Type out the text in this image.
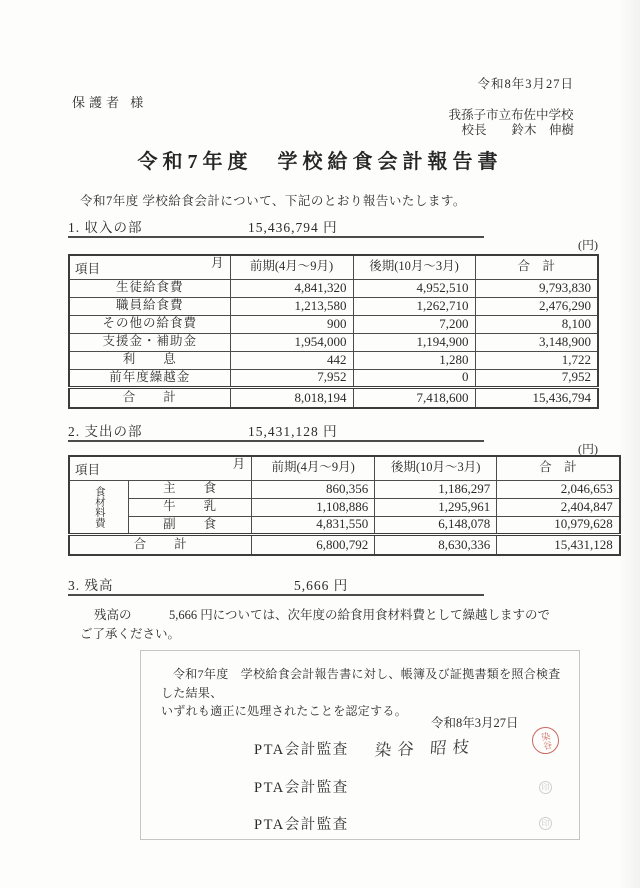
令和8年3月27日
保護者 様
我孫子市立布佐中学校
校長　　鈴木　伸樹
令和7年度　学校給食会計報告書
令和7年度 学校給食会計について、下記のとおり報告いたします。
1. 収入の部	15,436,794 円
(円)
項目 月	前期(4月～9月)	後期(10月～3月)	合　計
生徒給食費	4,841,320	4,952,510	9,793,830
職員給食費	1,213,580	1,262,710	2,476,290
その他の給食費	900	7,200	8,100
支援金・補助金	1,954,000	1,194,900	3,148,900
利　　息	442	1,280	1,722
前年度繰越金	7,952	0	7,952
合　　計	8,018,194	7,418,600	15,436,794
2. 支出の部	15,431,128 円
(円)
項目 月		前期(4月～9月)	後期(10月～3月)	合　計
食材料費	主　　食	860,356	1,186,297	2,046,653
	牛　　乳	1,108,886	1,295,961	2,404,847
	副　　食	4,831,550	6,148,078	10,979,628
合　　計		6,800,792	8,630,336	15,431,128
3. 残高	5,666 円
残高の　　　5,666 円については、次年度の給食用食材料費として繰越しますので
ご了承ください。
令和7年度　学校給食会計報告書に対し、帳簿及び証拠書類を照合検査した結果、
いずれも適正に処理されたことを認定する。
令和8年3月27日
PTA会計監査 染谷 昭枝
PTA会計監査
PTA会計監査
染谷
印
印
